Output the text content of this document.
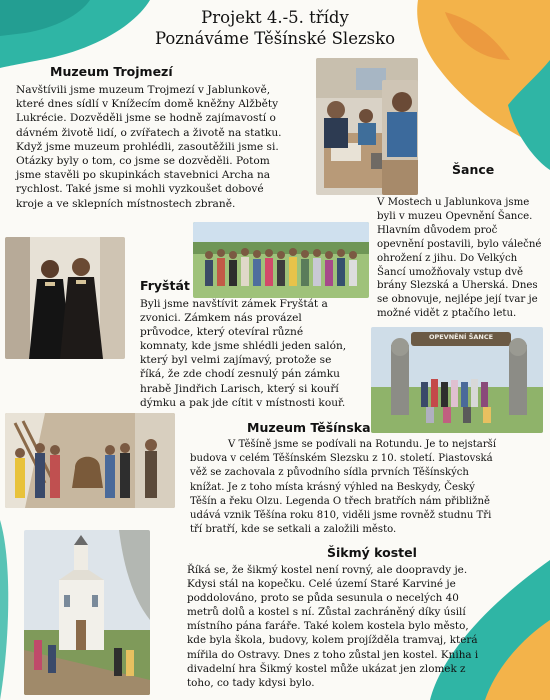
Projekt 4.-5. třídy
Poznáváme Těšínské Slezsko
Muzeum Trojmezí
Navštívili jsme muzeum Trojmezí v Jablunkově,
které dnes sídlí v Knížecím domě kněžny Alžběty
Lukrécie. Dozvěděli jsme se hodně zajímavostí o
dávném životě lidí, o zvířatech a životě na statku.
Když jsme muzeum prohlédli, zasoutěžili jsme si.
Otázky byly o tom, co jsme se dozvěděli. Potom
jsme stavěli po skupinkách stavebnici Archa na
rychlost. Také jsme si mohli vyzkoušet dobové
kroje a ve sklepních místnostech zbraně.
Šance
V Mostech u Jablunkova jsme
byli v muzeu Opevnění Šance.
Hlavním důvodem proč
opevnění postavili, bylo válečné
ohrožení z jihu. Do Velkých
Šancí umožňovaly vstup dvě
brány Slezská a Uherská. Dnes
se obnovuje, nejlépe její tvar je
možné vidět z ptačího letu.
Fryštát
Byli jsme navštívit zámek Fryštát a
zvonici. Zámkem nás provázel
průvodce, který otevíral různé
komnaty, kde jsme shlédli jeden salón,
který byl velmi zajímavý, protože se
říká, že zde chodí zesnulý pán zámku
hrabě Jindřich Larisch, který si kouří
dýmku a pak jde cítit v místnosti kouř.
OPEVNĚNÍ ŠANCE
Muzeum Těšínska
V Těšíně jsme se podívali na Rotundu. Je to nejstarší
budova v celém Těšínském Slezsku z 10. století. Piastovská
věž se zachovala z původního sídla prvních Těšínských
knížat. Je z toho místa krásný výhled na Beskydy, Český
Těšín a řeku Olzu. Legenda O třech bratřích nám přibližně
udává vznik Těšína roku 810, viděli jsme rovněž studnu Tři
tří bratří, kde se setkali a založili město.
Šikmý kostel
Říká se, že šikmý kostel není rovný, ale doopravdy je.
Kdysi stál na kopečku. Celé území Staré Karviné je
poddolováno, proto se půda sesunula o necelých 40
metrů dolů a kostel s ní. Zůstal zachráněný díky úsilí
místního pána faráře. Také kolem kostela bylo město,
kde byla škola, budovy, kolem projížděla tramvaj, která
mířila do Ostravy. Dnes z toho zůstal jen kostel. Kniha i
divadelní hra Šikmý kostel může ukázat jen zlomek z
toho, co tady kdysi bylo.
